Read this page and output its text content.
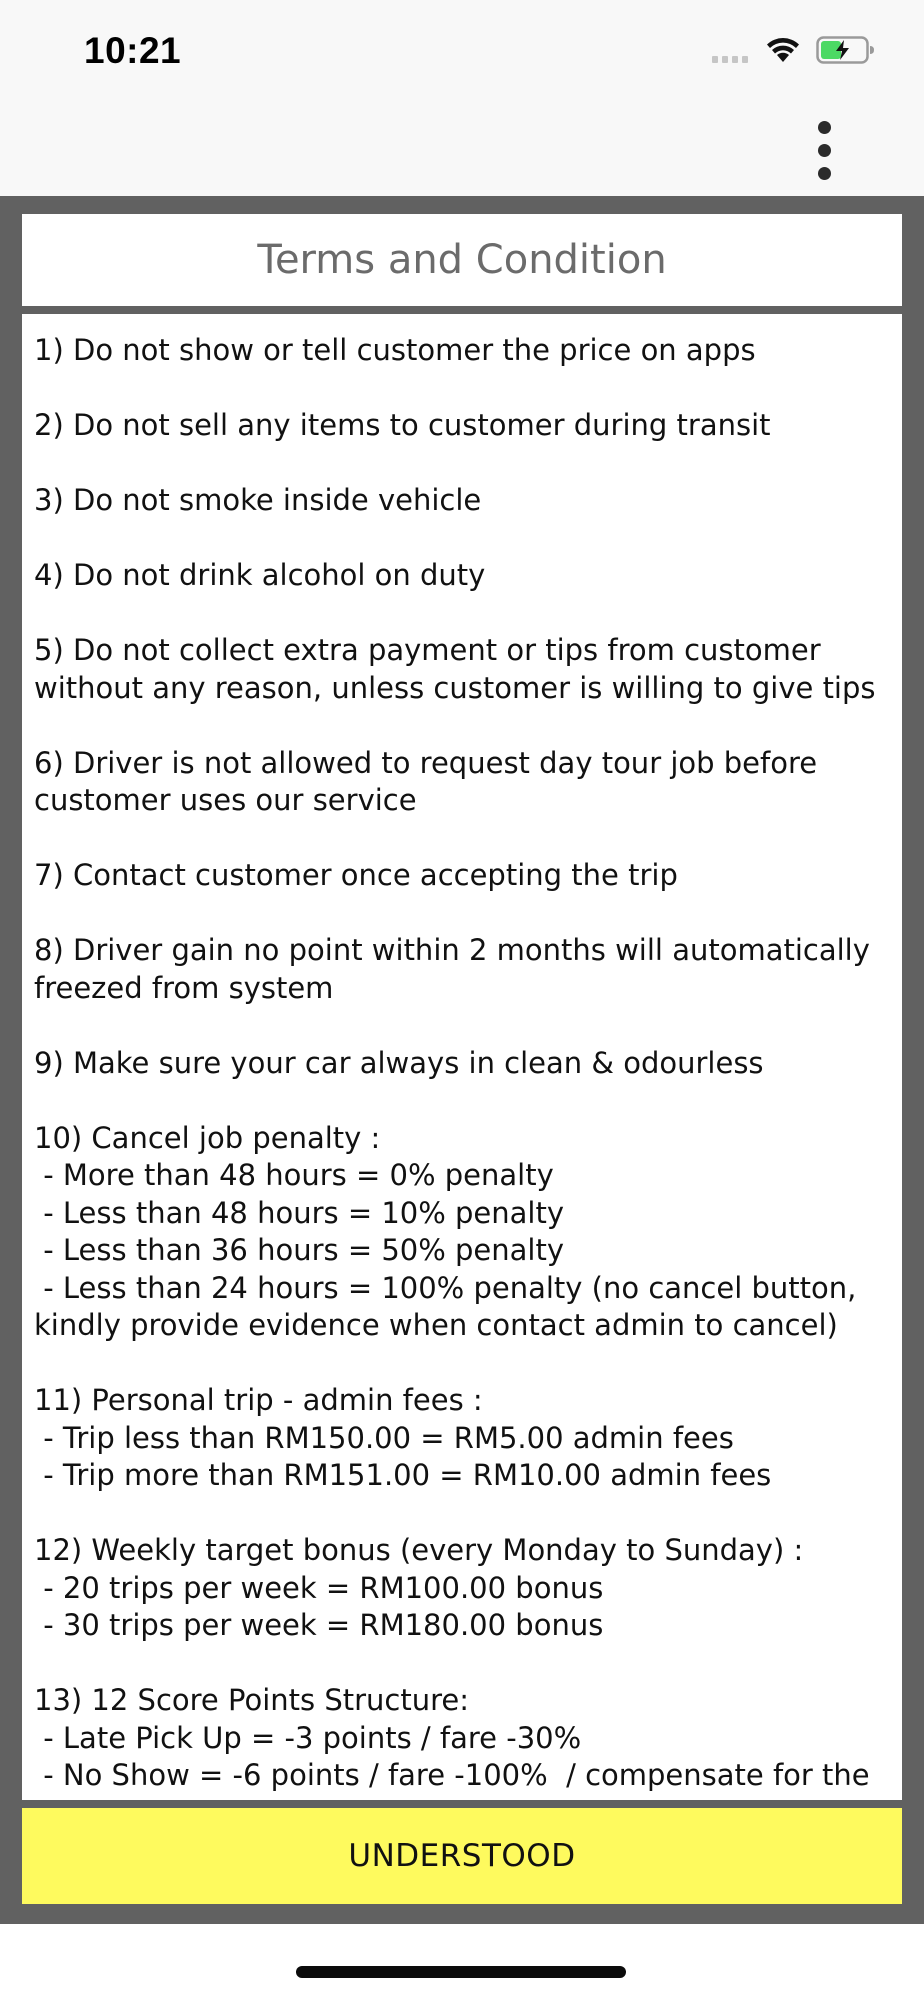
10:21
Terms and Condition
1) Do not show or tell customer the price on apps
2) Do not sell any items to customer during transit
3) Do not smoke inside vehicle
4) Do not drink alcohol on duty
5) Do not collect extra payment or tips from customer without any reason, unless customer is willing to give tips
6) Driver is not allowed to request day tour job before customer uses our service
7) Contact customer once accepting the trip
8) Driver gain no point within 2 months will automatically freezed from system
9) Make sure your car always in clean & odourless
10) Cancel job penalty :
- More than 48 hours = 0% penalty
- Less than 48 hours = 10% penalty
- Less than 36 hours = 50% penalty
- Less than 24 hours = 100% penalty (no cancel button, kindly provide evidence when contact admin to cancel)
11) Personal trip - admin fees :
- Trip less than RM150.00 = RM5.00 admin fees
- Trip more than RM151.00 = RM10.00 admin fees
12) Weekly target bonus (every Monday to Sunday) :
- 20 trips per week = RM100.00 bonus
- 30 trips per week = RM180.00 bonus
13) 12 Score Points Structure:
- Late Pick Up = -3 points / fare -30%
- No Show = -6 points / fare -100%  / compensate for the
UNDERSTOOD
